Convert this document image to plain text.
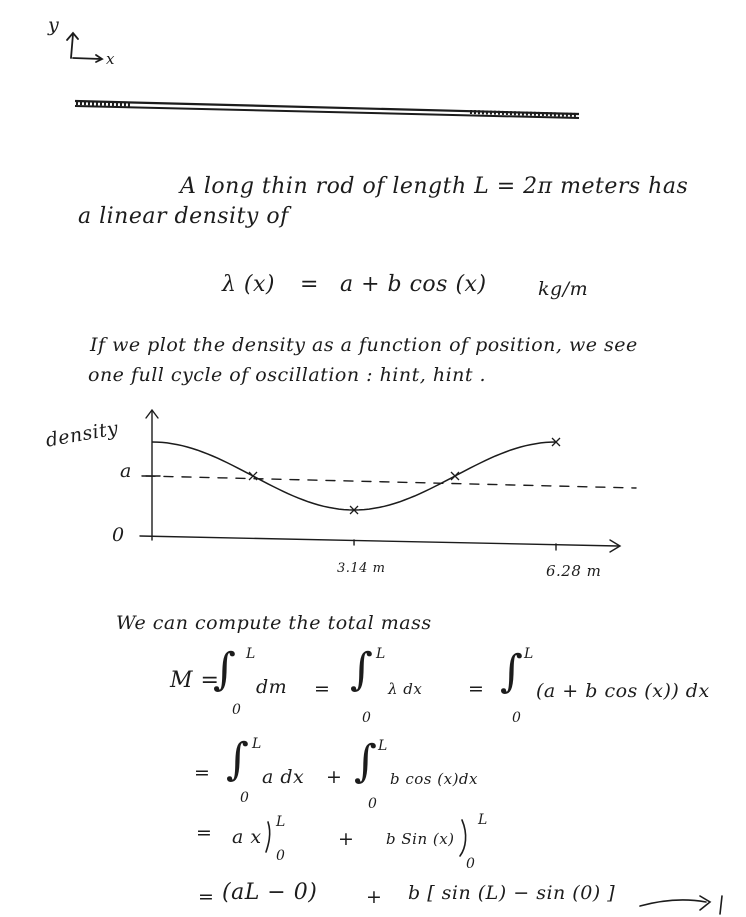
y
x
A long thin rod of length L = 2π meters has
a linear density of
λ (x) = a + b cos (x)	kg/m
If we plot the density as a function of position, we see
one full cycle of oscillation : hint, hint .
density
a
0
3.14 m	6.28 m
We can compute the total mass
M =
∫ L
0
dm = ∫ L
0
λ dx = ∫ L
0
(a + b cos (x)) dx
= ∫ L
0
a dx + ∫ L
0
b cos (x)dx
= a x
L
0
+ b Sin (x)
L
0
= (aL − 0)	+ b [ sin (L) − sin (0) ]
